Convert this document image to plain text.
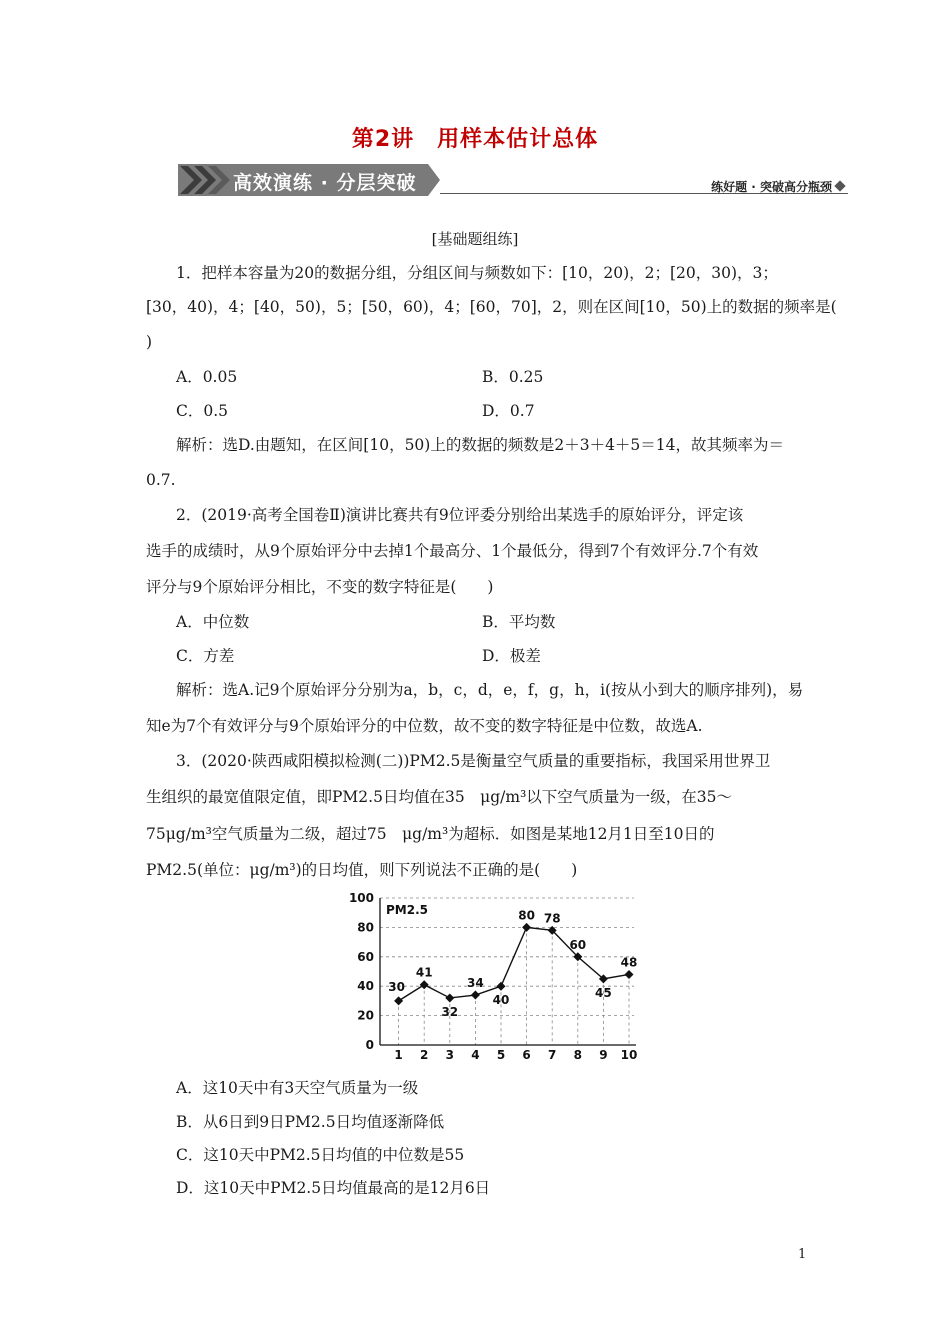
第2讲　用样本估计总体
高效演练 · 分层突破	练好题 · 突破高分瓶颈
[基础题组练]
1．把样本容量为20的数据分组，分组区间与频数如下：[10，20)，2；[20，30)，3；
[30，40)，4；[40，50)，5；[50，60)，4；[60，70]，2，则在区间[10，50)上的数据的频率是(
)
A．0.05	B．0.25
C．0.5	D．0.7
解析：选D.由题知，在区间[10，50)上的数据的频数是2＋3＋4＋5＝14，故其频率为＝
0.7.
2．(2019·高考全国卷Ⅱ)演讲比赛共有9位评委分别给出某选手的原始评分，评定该
选手的成绩时，从9个原始评分中去掉1个最高分、1个最低分，得到7个有效评分.7个有效
评分与9个原始评分相比，不变的数字特征是(　　)
A．中位数	B．平均数
C．方差	D．极差
解析：选A.记9个原始评分分别为a，b，c，d，e，f，g，h，i(按从小到大的顺序排列)，易
知e为7个有效评分与9个原始评分的中位数，故不变的数字特征是中位数，故选A.
3．(2020·陕西咸阳模拟检测(二))PM2.5是衡量空气质量的重要指标，我国采用世界卫
生组织的最宽值限定值，即PM2.5日均值在35　μg/m³以下空气质量为一级，在35～
75μg/m³空气质量为二级，超过75　μg/m³为超标．如图是某地12月1日至10日的
PM2.5(单位：μg/m³)的日均值，则下列说法不正确的是(　　)
0
20
40
60
80
100
1 2 3 4 5 6 7 8 9 10
30
41
32
34
40
80 78
60
45
48
PM2.5
A．这10天中有3天空气质量为一级
B．从6日到9日PM2.5日均值逐渐降低
C．这10天中PM2.5日均值的中位数是55
D．这10天中PM2.5日均值最高的是12月6日
1
